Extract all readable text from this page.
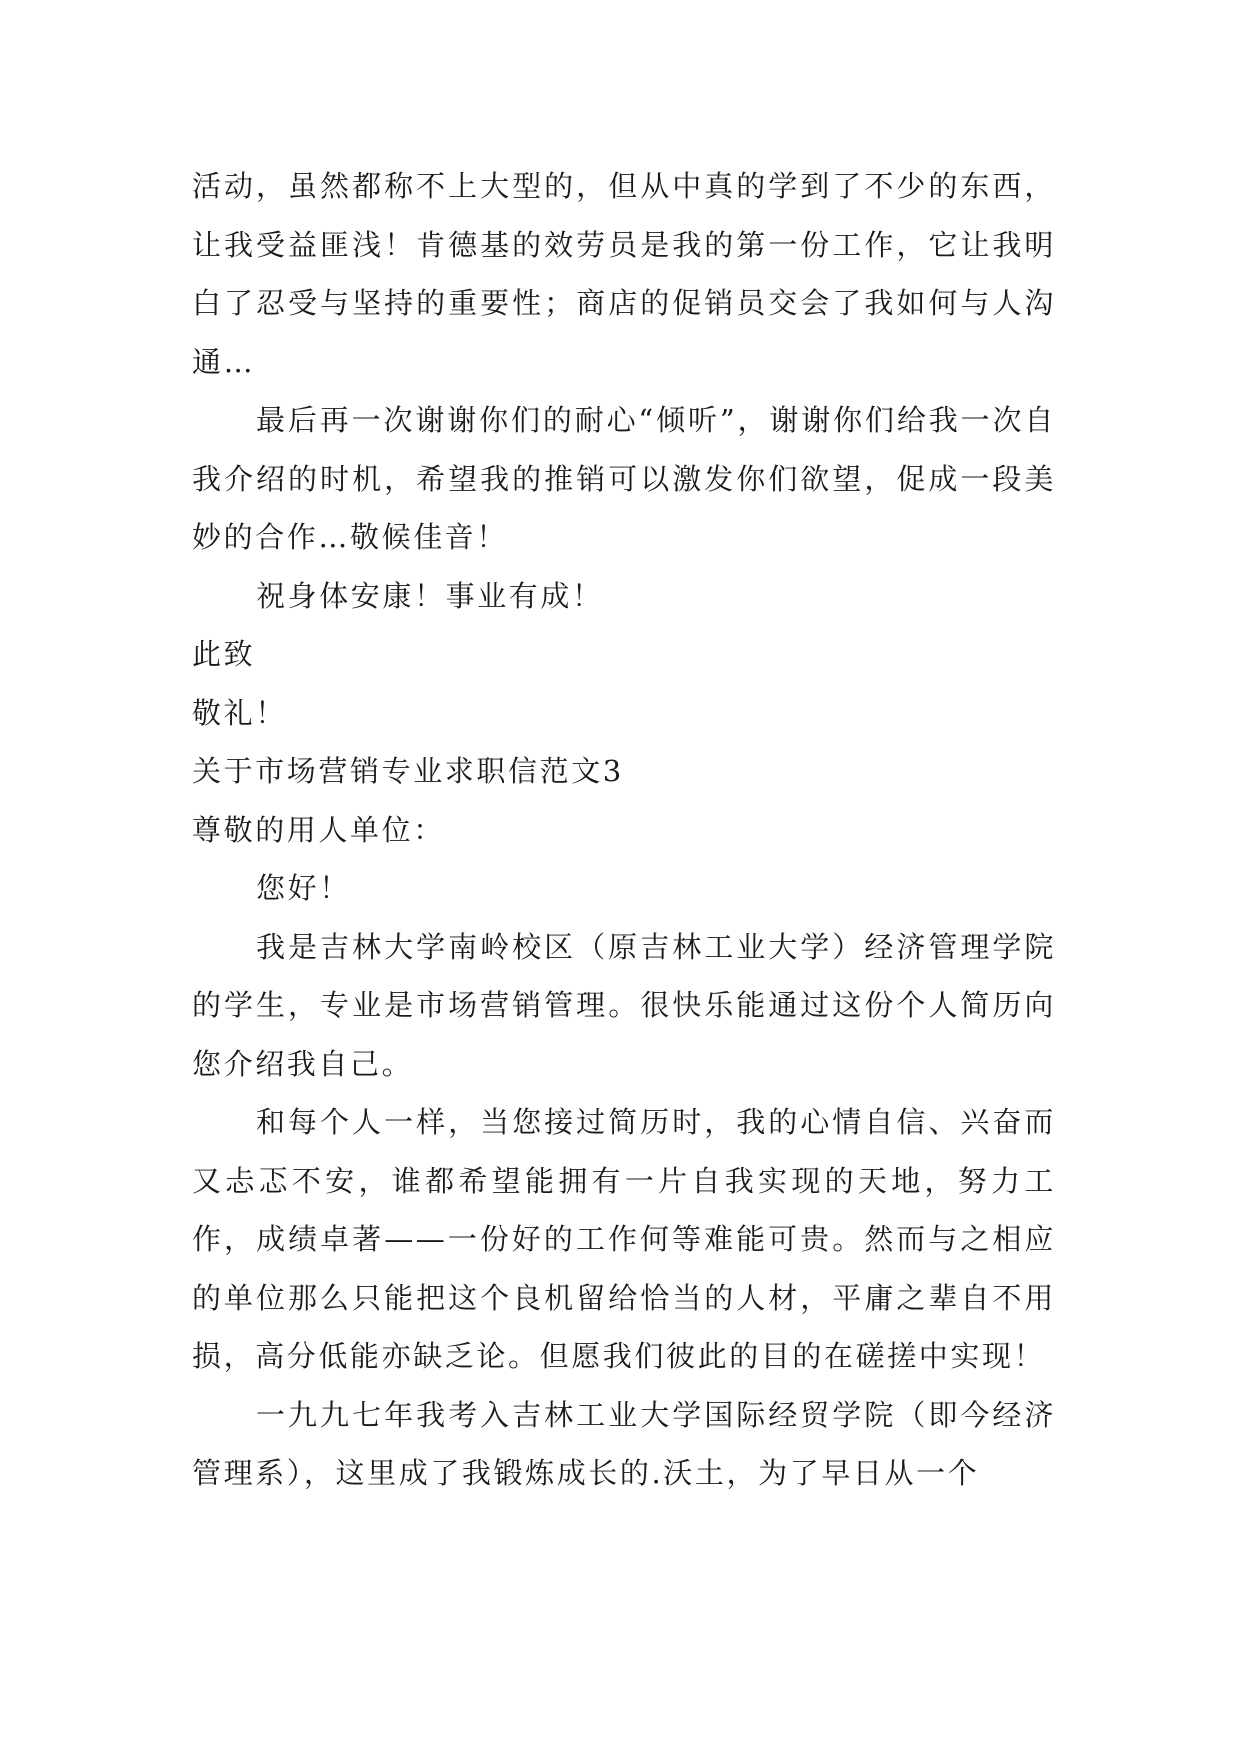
活动，虽然都称不上大型的，但从中真的学到了不少的东西，让我受益匪浅！肯德基的效劳员是我的第一份工作，它让我明白了忍受与坚持的重要性；商店的促销员交会了我如何与人沟通…

最后再一次谢谢你们的耐心“倾听”，谢谢你们给我一次自我介绍的时机，希望我的推销可以激发你们欲望，促成一段美妙的合作…敬候佳音！

祝身体安康！事业有成！

此致

敬礼！

关于市场营销专业求职信范文3

尊敬的用人单位：

您好！

我是吉林大学南岭校区（原吉林工业大学）经济管理学院的学生，专业是市场营销管理。很快乐能通过这份个人简历向您介绍我自己。

和每个人一样，当您接过简历时，我的心情自信、兴奋而又忐忑不安，谁都希望能拥有一片自我实现的天地，努力工作，成绩卓著——一份好的工作何等难能可贵。然而与之相应的单位那么只能把这个良机留给恰当的人材，平庸之辈自不用损，高分低能亦缺乏论。但愿我们彼此的目的在磋搓中实现！

一九九七年我考入吉林工业大学国际经贸学院（即今经济管理系），这里成了我锻炼成长的.沃土，为了早日从一个
